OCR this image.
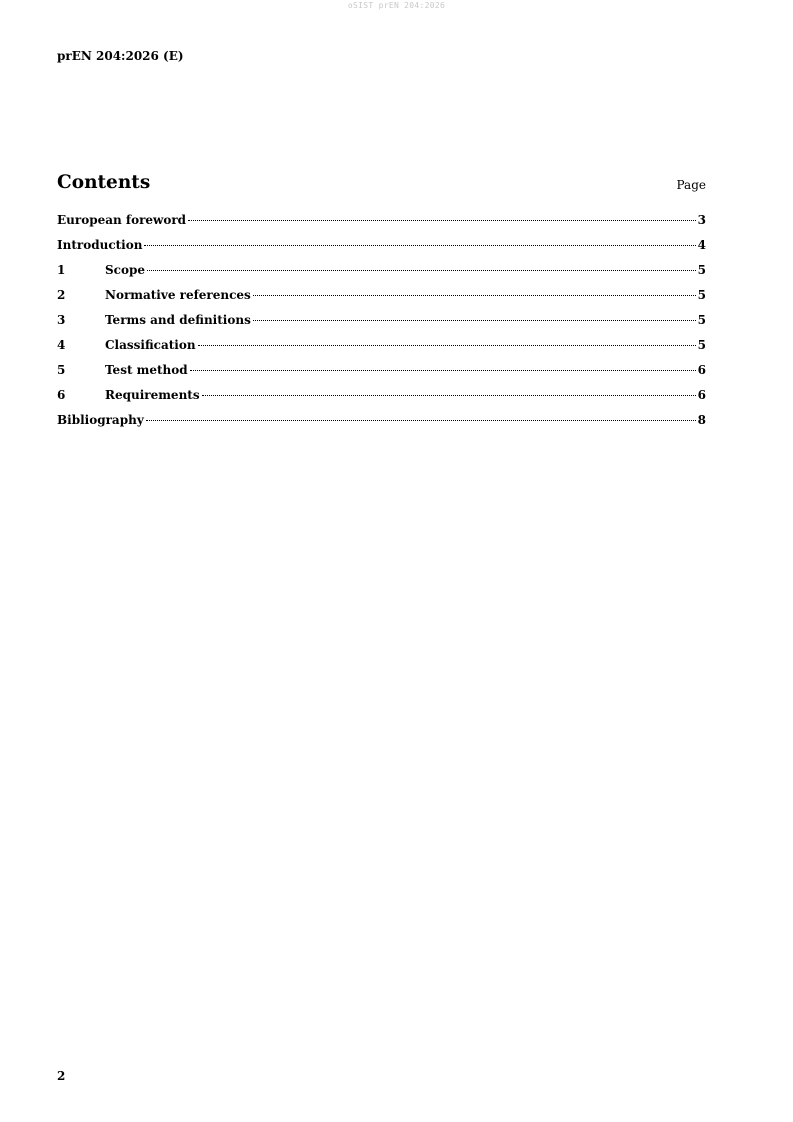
oSIST prEN 204:2026
prEN 204:2026 (E)
Contents	Page
European foreword	3
Introduction	4
1	Scope	5
2	Normative references	5
3	Terms and definitions	5
4	Classification	5
5	Test method	6
6	Requirements	6
Bibliography	8
2
